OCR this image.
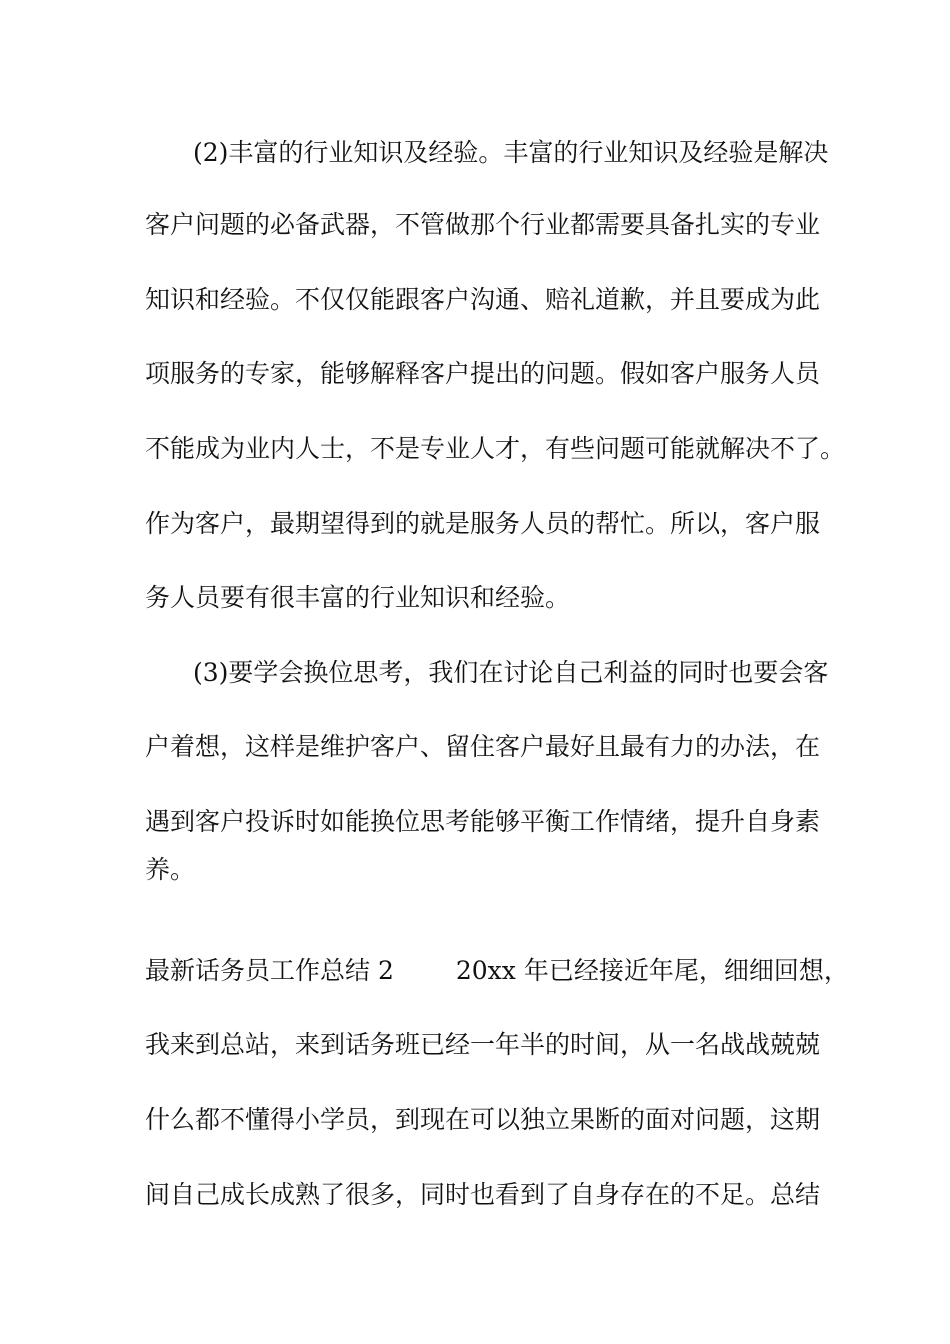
(2)丰富的行业知识及经验。丰富的行业知识及经验是解决
客户问题的必备武器，不管做那个行业都需要具备扎实的专业
知识和经验。不仅仅能跟客户沟通、赔礼道歉，并且要成为此
项服务的专家，能够解释客户提出的问题。假如客户服务人员
不能成为业内人士，不是专业人才，有些问题可能就解决不了。
作为客户，最期望得到的就是服务人员的帮忙。所以，客户服
务人员要有很丰富的行业知识和经验。
(3)要学会换位思考，我们在讨论自己利益的同时也要会客
户着想，这样是维护客户、留住客户最好且最有力的办法，在
遇到客户投诉时如能换位思考能够平衡工作情绪，提升自身素
养。
最新话务员工作总结 2 20xx 年已经接近年尾，细细回想，
我来到总站，来到话务班已经一年半的时间，从一名战战兢兢
什么都不懂得小学员，到现在可以独立果断的面对问题，这期
间自己成长成熟了很多，同时也看到了自身存在的不足。总结
